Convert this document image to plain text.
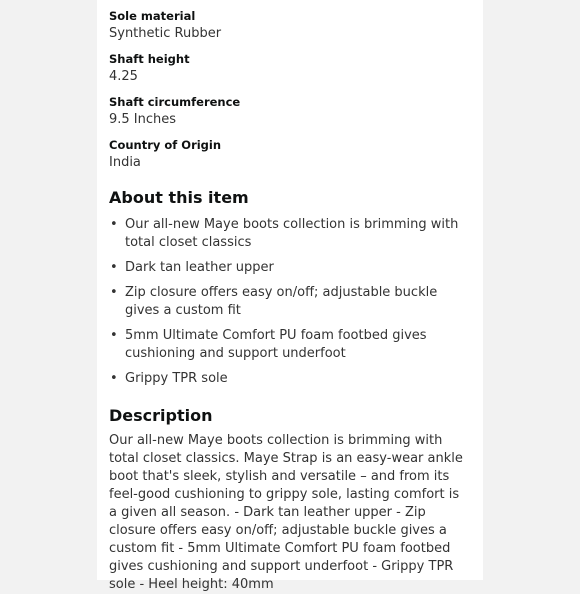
Sole material
Synthetic Rubber
Shaft height
4.25
Shaft circumference
9.5 Inches
Country of Origin
India
About this item
• Our all-new Maye boots collection is brimming with total closet classics
• Dark tan leather upper
• Zip closure offers easy on/off; adjustable buckle gives a custom fit
• 5mm Ultimate Comfort PU foam footbed gives cushioning and support underfoot
• Grippy TPR sole
Description
Our all-new Maye boots collection is brimming with total closet classics. Maye Strap is an easy-wear ankle boot that's sleek, stylish and versatile – and from its feel-good cushioning to grippy sole, lasting comfort is a given all season. - Dark tan leather upper - Zip closure offers easy on/off; adjustable buckle gives a custom fit - 5mm Ultimate Comfort PU foam footbed gives cushioning and support underfoot - Grippy TPR sole - Heel height: 40mm
